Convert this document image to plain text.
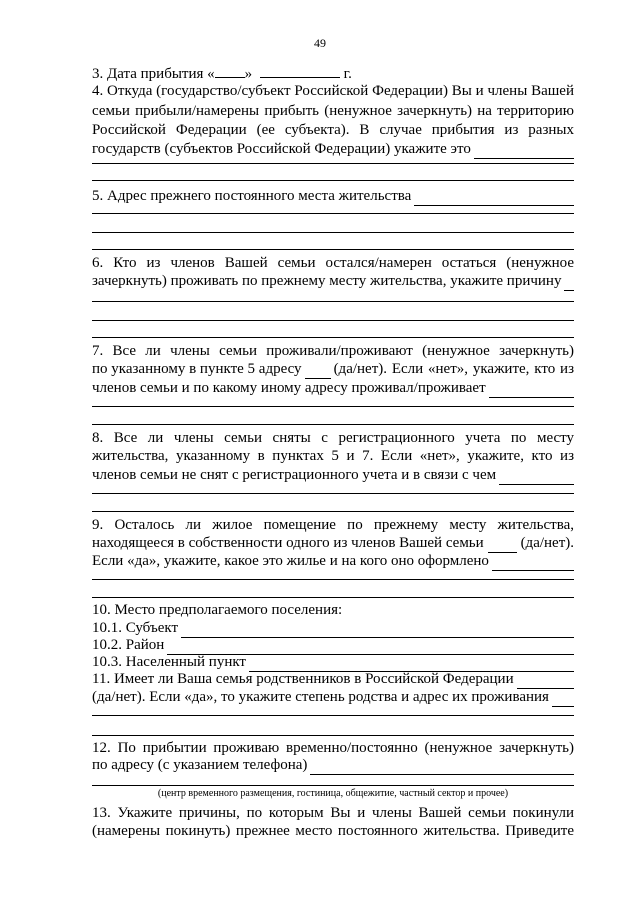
49
3. Дата прибытия « »	г.
4. Откуда (государство/субъект Российской Федерации) Вы и члены Вашей
семьи прибыли/намерены прибыть (ненужное зачеркнуть) на территорию
Российской Федерации (ее субъекта). В случае прибытия из разных
государств (субъектов Российской Федерации) укажите это
5. Адрес прежнего постоянного места жительства
6. Кто из членов Вашей семьи остался/намерен остаться (ненужное
зачеркнуть) проживать по прежнему месту жительства, укажите причину
7. Все ли члены семьи проживали/проживают (ненужное зачеркнуть)
по указанному в пункте 5 адресу (да/нет). Если «нет», укажите, кто из
членов семьи и по какому иному адресу проживал/проживает
8. Все ли члены семьи сняты с регистрационного учета по месту
жительства, указанному в пунктах 5 и 7. Если «нет», укажите, кто из
членов семьи не снят с регистрационного учета и в связи с чем
9. Осталось ли жилое помещение по прежнему месту жительства,
находящееся в собственности одного из членов Вашей семьи (да/нет).
Если «да», укажите, какое это жилье и на кого оно оформлено
10. Место предполагаемого поселения:
10.1. Субъект
10.2. Район
10.3. Населенный пункт
11. Имеет ли Ваша семья родственников в Российской Федерации
(да/нет). Если «да», то укажите степень родства и адрес их проживания
12. По прибытии проживаю временно/постоянно (ненужное зачеркнуть)
по адресу (с указанием телефона)
(центр временного размещения, гостиница, общежитие, частный сектор и прочее)
13. Укажите причины, по которым Вы и члены Вашей семьи покинули
(намерены покинуть) прежнее место постоянного жительства. Приведите
